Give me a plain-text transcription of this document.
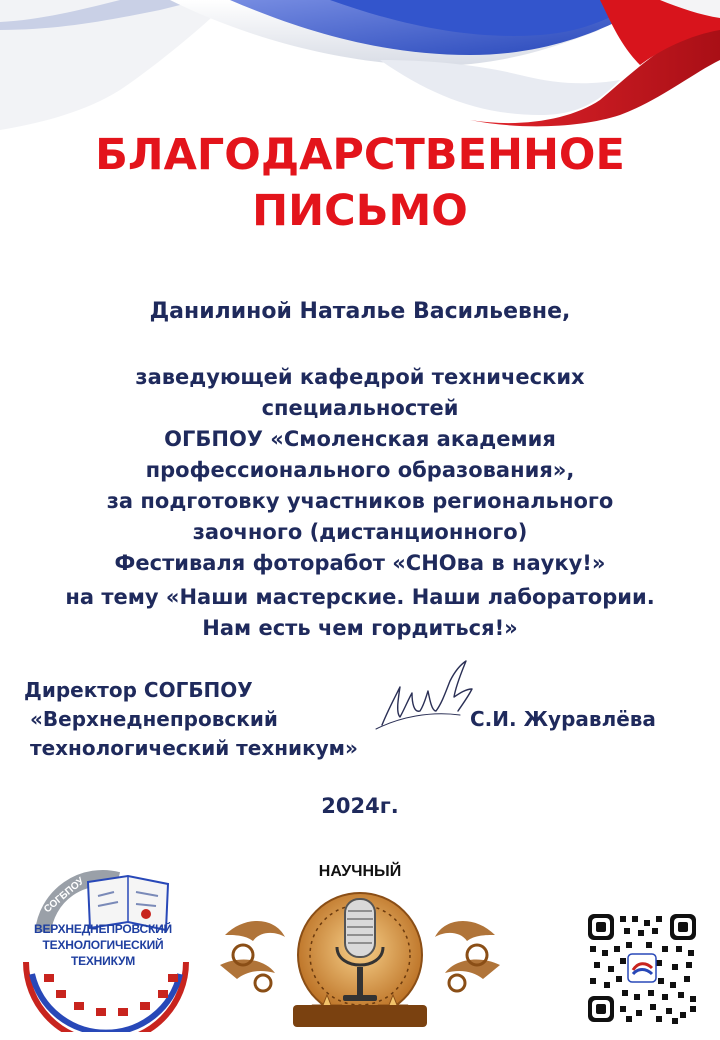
БЛАГОДАРСТВЕННОЕ
ПИСЬМО
Данилиной Наталье Васильевне,
заведующей кафедрой технических
специальностей
ОГБПОУ «Смоленская академия
профессионального образования»,
за подготовку участников регионального
заочного (дистанционного)
Фестиваля фоторабот «СНОва в науку!»
на тему «Наши мастерские. Наши лаборатории.
Нам есть чем гордиться!»
Директор СОГБПОУ
«Верхнеднепровский
технологический техникум»
С.И. Журавлёва
2024г.
СОГБПОУ
ВЕРХНЕДНЕПРОВСКИЙ
ТЕХНОЛОГИЧЕСКИЙ
ТЕХНИКУМ
НАУЧНЫЙ
